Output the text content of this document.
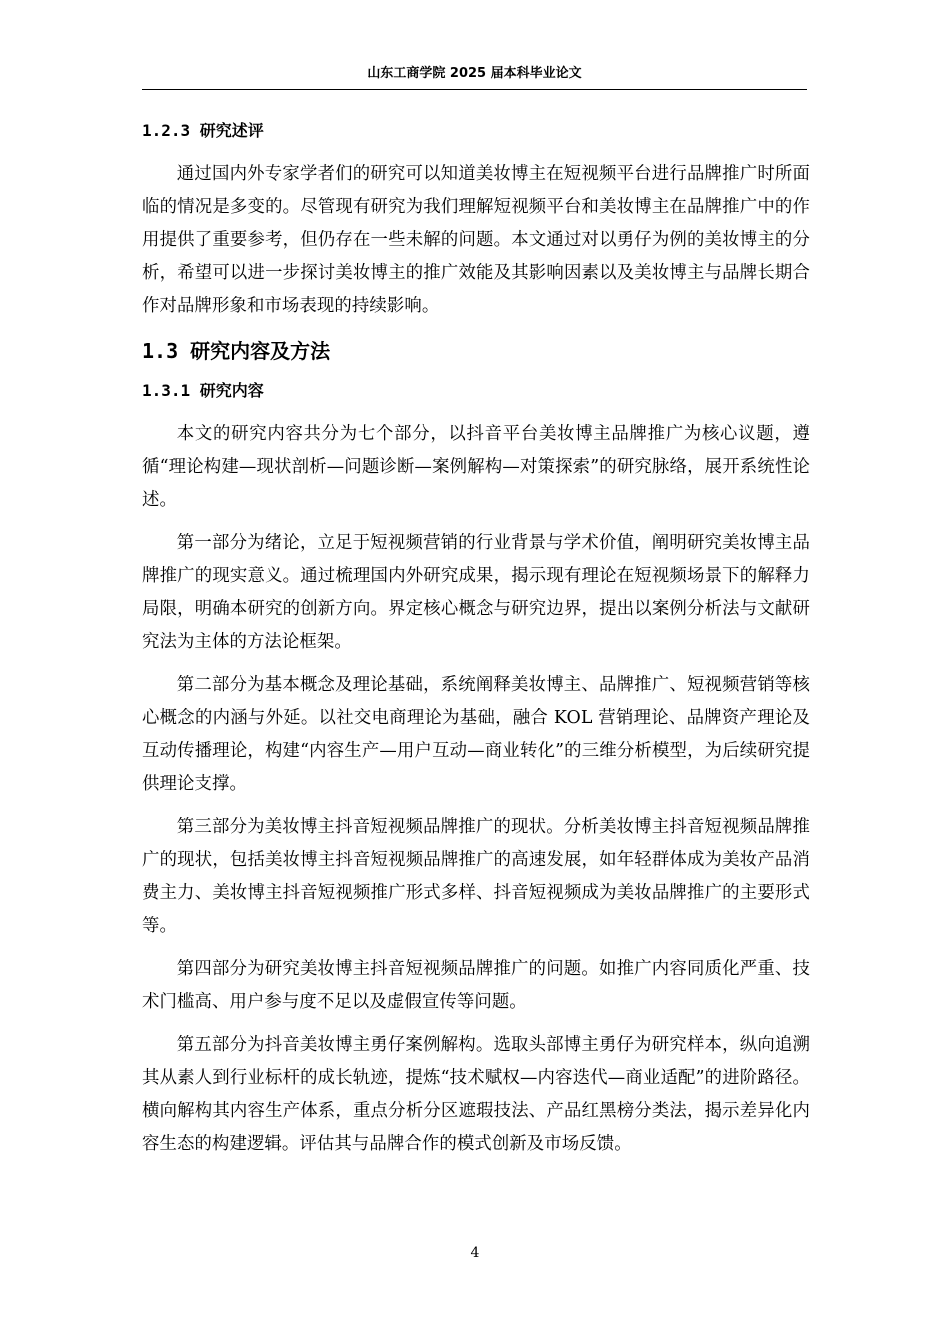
山东工商学院 2025 届本科毕业论文

1.2.3 研究述评

通过国内外专家学者们的研究可以知道美妆博主在短视频平台进行品牌推广时所面临的情况是多变的。尽管现有研究为我们理解短视频平台和美妆博主在品牌推广中的作用提供了重要参考，但仍存在一些未解的问题。本文通过对以勇仔为例的美妆博主的分析，希望可以进一步探讨美妆博主的推广效能及其影响因素以及美妆博主与品牌长期合作对品牌形象和市场表现的持续影响。

1.3 研究内容及方法

1.3.1 研究内容

本文的研究内容共分为七个部分，以抖音平台美妆博主品牌推广为核心议题，遵循“理论构建—现状剖析—问题诊断—案例解构—对策探索”的研究脉络，展开系统性论述。

第一部分为绪论，立足于短视频营销的行业背景与学术价值，阐明研究美妆博主品牌推广的现实意义。通过梳理国内外研究成果，揭示现有理论在短视频场景下的解释力局限，明确本研究的创新方向。界定核心概念与研究边界，提出以案例分析法与文献研究法为主体的方法论框架。

第二部分为基本概念及理论基础，系统阐释美妆博主、品牌推广、短视频营销等核心概念的内涵与外延。以社交电商理论为基础，融合 KOL 营销理论、品牌资产理论及互动传播理论，构建“内容生产—用户互动—商业转化”的三维分析模型，为后续研究提供理论支撑。

第三部分为美妆博主抖音短视频品牌推广的现状。分析美妆博主抖音短视频品牌推广的现状，包括美妆博主抖音短视频品牌推广的高速发展，如年轻群体成为美妆产品消费主力、美妆博主抖音短视频推广形式多样、抖音短视频成为美妆品牌推广的主要形式等。

第四部分为研究美妆博主抖音短视频品牌推广的问题。如推广内容同质化严重、技术门槛高、用户参与度不足以及虚假宣传等问题。

第五部分为抖音美妆博主勇仔案例解构。选取头部博主勇仔为研究样本，纵向追溯其从素人到行业标杆的成长轨迹，提炼“技术赋权—内容迭代—商业适配”的进阶路径。横向解构其内容生产体系，重点分析分区遮瑕技法、产品红黑榜分类法，揭示差异化内容生态的构建逻辑。评估其与品牌合作的模式创新及市场反馈。

4
